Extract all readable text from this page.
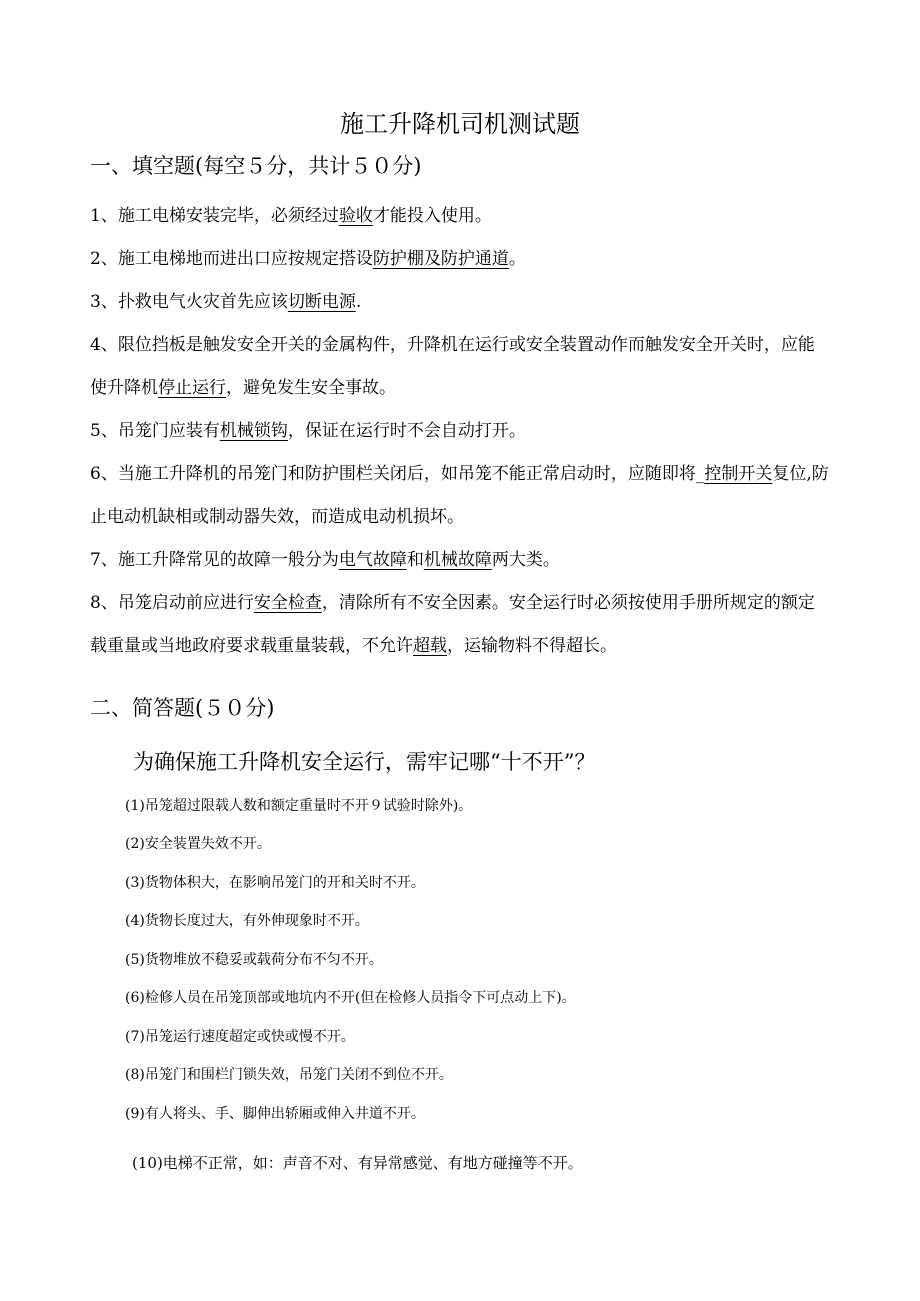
施工升降机司机测试题
一、填空题(每空５分，共计５０分)

1、施工电梯安装完毕，必须经过验收才能投入使用。

2、施工电梯地而进出口应按规定搭设防护棚及防护通道。

3、扑救电气火灾首先应该切断电源.

4、限位挡板是触发安全开关的金属构件，升降机在运行或安全装置动作而触发安全开关时，应能使升降机停止运行，避免发生安全事故。

5、吊笼门应装有机械锁钩，保证在运行时不会自动打开。

6、当施工升降机的吊笼门和防护围栏关闭后，如吊笼不能正常启动时，应随即将_控制开关复位,防止电动机缺相或制动器失效，而造成电动机损坏。

7、施工升降常见的故障一般分为电气故障和机械故障两大类。

8、吊笼启动前应进行安全检查，清除所有不安全因素。安全运行时必须按使用手册所规定的额定载重量或当地政府要求载重量装载，不允许超载，运输物料不得超长。

二、简答题(５０分)
为确保施工升降机安全运行，需牢记哪“十不开”？
(1)吊笼超过限载人数和额定重量时不开９试验时除外)。
(2)安全装置失效不开。
(3)货物体积大，在影响吊笼门的开和关时不开。
(4)货物长度过大，有外伸现象时不开。
(5)货物堆放不稳妥或载荷分布不匀不开。
(6)检修人员在吊笼顶部或地坑内不开(但在检修人员指令下可点动上下)。
(7)吊笼运行速度超定或快或慢不开。
(8)吊笼门和围栏门锁失效，吊笼门关闭不到位不开。
(9)有人将头、手、脚伸出轿厢或伸入井道不开。
(10)电梯不正常，如：声音不对、有异常感觉、有地方碰撞等不开。
